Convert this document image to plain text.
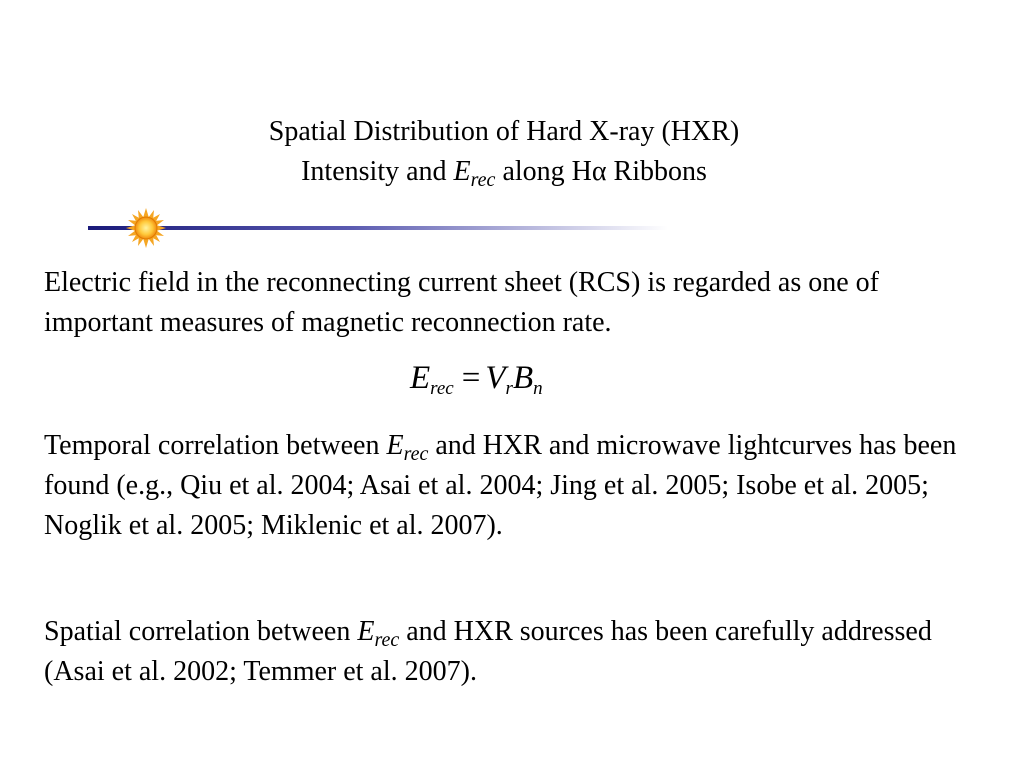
Spatial Distribution of Hard X-ray (HXR)
Intensity and $E_{rec}$ along Hα Ribbons
Electric field in the reconnecting current sheet (RCS) is regarded as one of important measures of magnetic reconnection rate.
$E_{rec} = V_rB_n$
Temporal correlation between $E_{rec}$ and HXR and microwave lightcurves has been found (e.g., Qiu et al. 2004; Asai et al. 2004; Jing et al. 2005; Isobe et al. 2005; Noglik et al. 2005; Miklenic et al. 2007).
Spatial correlation between $E_{rec}$ and HXR sources has been carefully addressed (Asai et al. 2002; Temmer et al. 2007).
